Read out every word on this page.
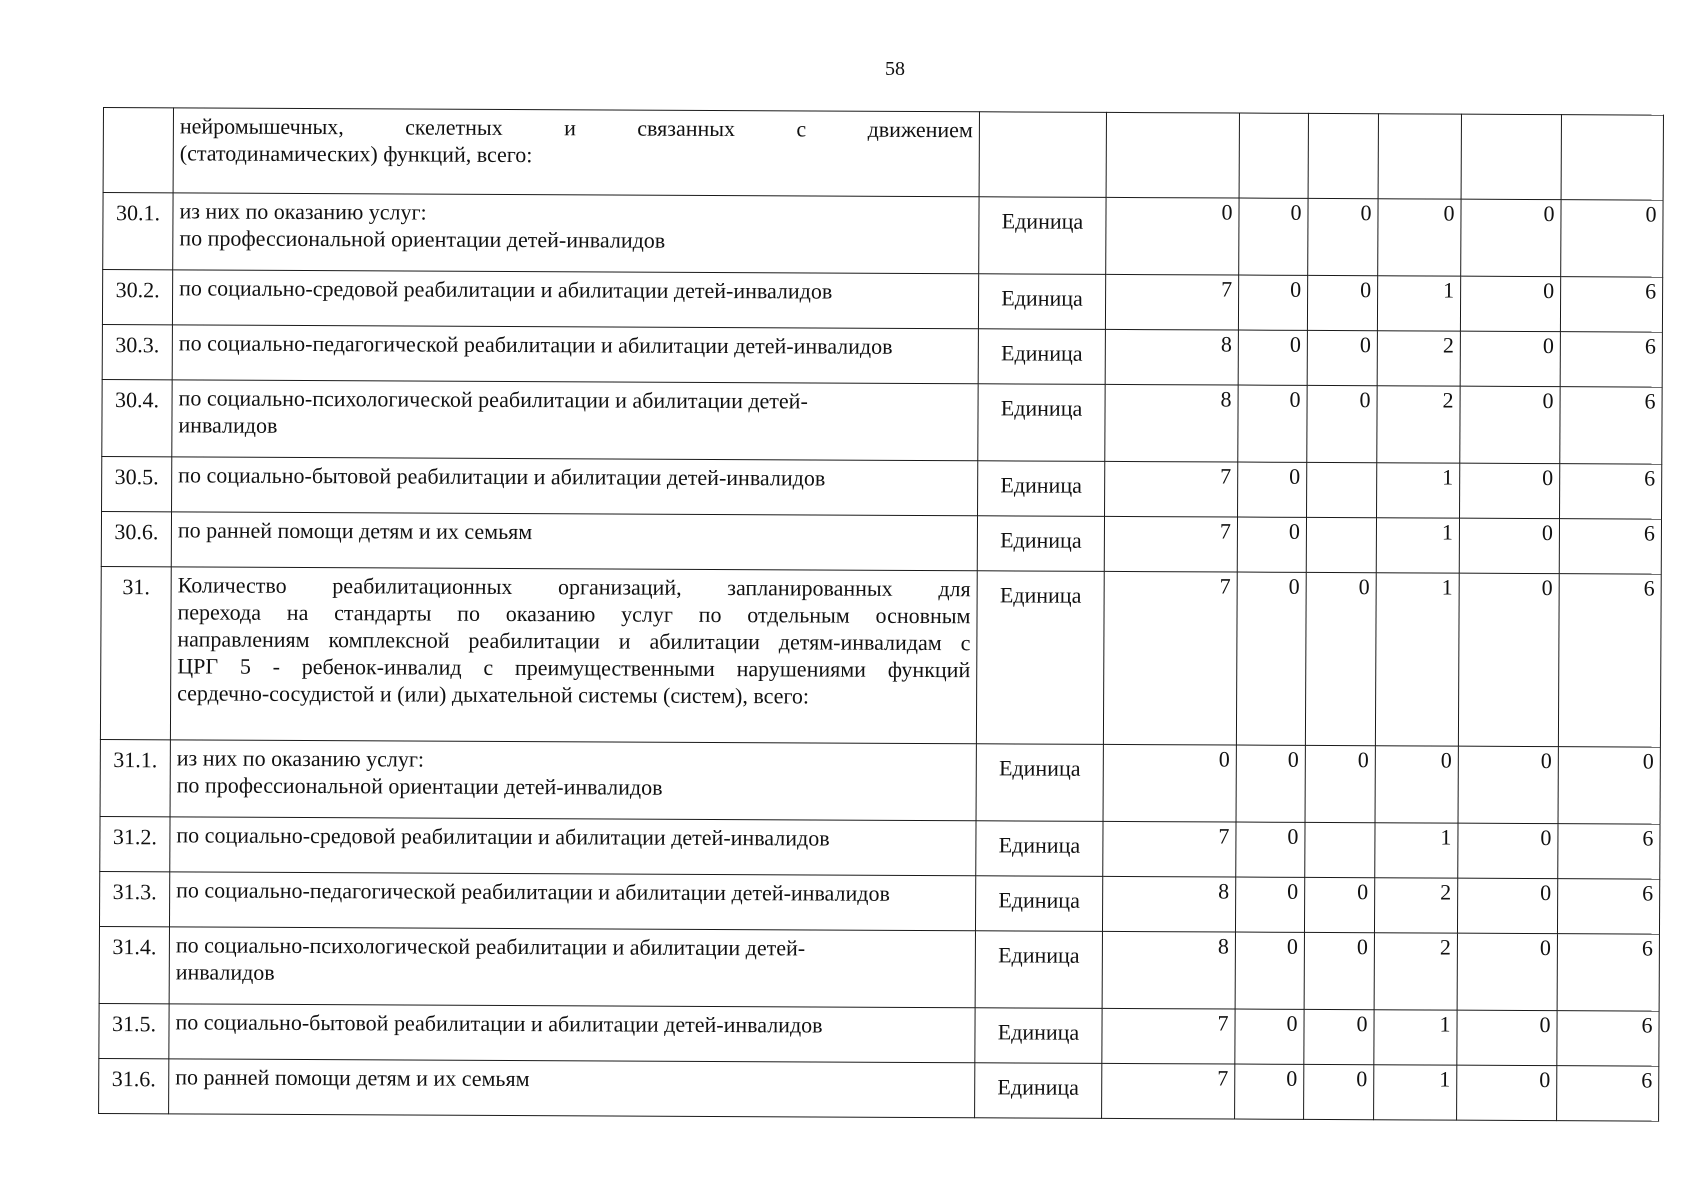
58

	нейромышечных, скелетных и связанных с движением
(статодинамических) функций, всего:							

30.1.	из них по оказанию услуг:
по профессиональной ориентации детей-инвалидов	Единица	0	0	0	0	0	0
30.2.	по социально-средовой реабилитации и абилитации детей-инвалидов	Единица	7	0	0	1	0	6
30.3.	по социально-педагогической реабилитации и абилитации детей-инвалидов	Единица	8	0	0	2	0	6
30.4.	по социально-психологической реабилитации и абилитации детей-
инвалидов	Единица	8	0	0	2	0	6
30.5.	по социально-бытовой реабилитации и абилитации детей-инвалидов	Единица	7	0		1	0	6
30.6.	по ранней помощи детям и их семьям	Единица	7	0		1	0	6
31.	Количество реабилитационных организаций, запланированных для
перехода на стандарты по оказанию услуг по отдельным основным
направлениям комплексной реабилитации и абилитации детям-инвалидам с
ЦРГ 5 - ребенок-инвалид с преимущественными нарушениями функций
сердечно-сосудистой и (или) дыхательной системы (систем), всего:	Единица	7	0	0	1	0	6
31.1.	из них по оказанию услуг:
по профессиональной ориентации детей-инвалидов	Единица	0	0	0	0	0	0
31.2.	по социально-средовой реабилитации и абилитации детей-инвалидов	Единица	7	0		1	0	6
31.3.	по социально-педагогической реабилитации и абилитации детей-инвалидов	Единица	8	0	0	2	0	6
31.4.	по социально-психологической реабилитации и абилитации детей-
инвалидов	Единица	8	0	0	2	0	6
31.5.	по социально-бытовой реабилитации и абилитации детей-инвалидов	Единица	7	0	0	1	0	6
31.6.	по ранней помощи детям и их семьям	Единица	7	0	0	1	0	6
